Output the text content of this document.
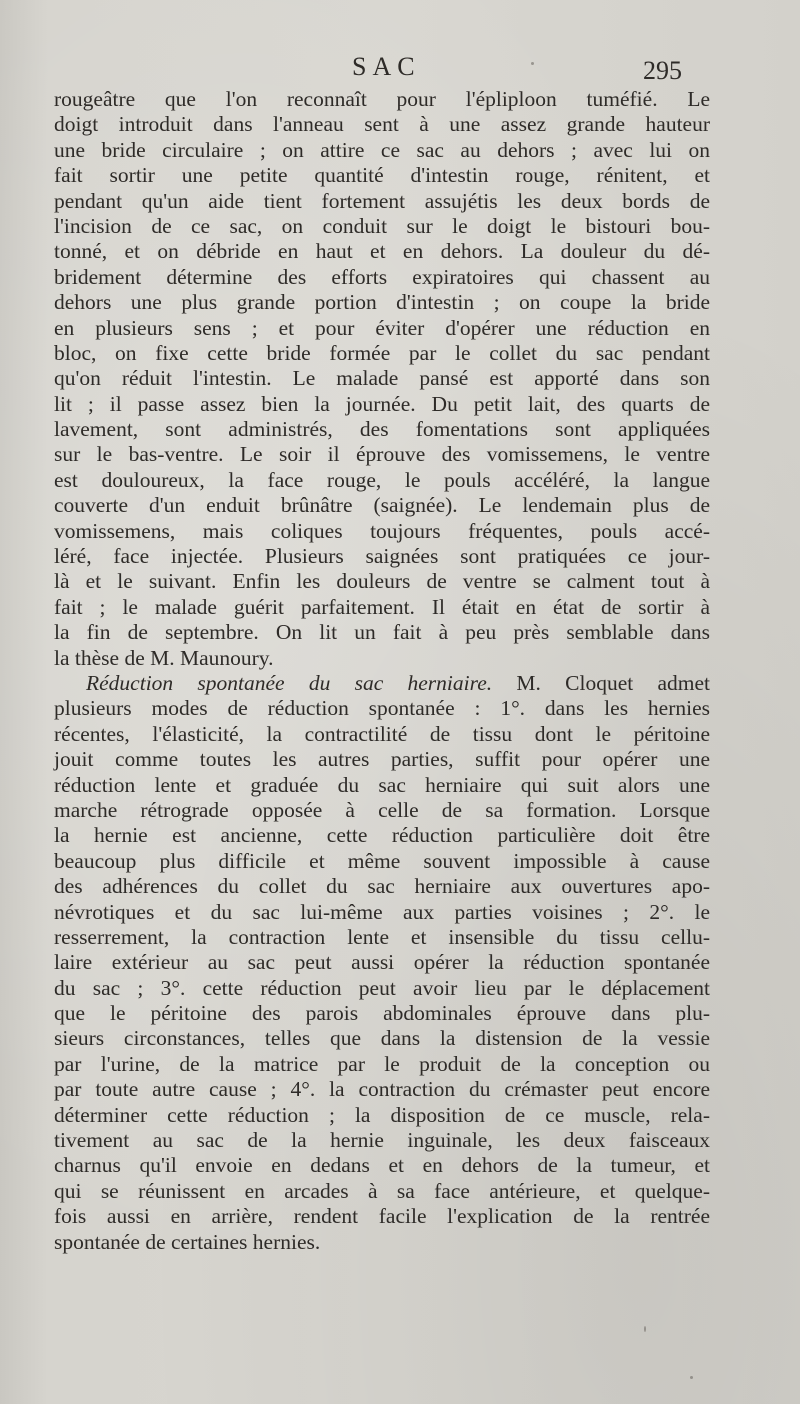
SAC	295
rougeâtre que l'on reconnaît pour l'épliploon tuméfié. Le
doigt introduit dans l'anneau sent à une assez grande hauteur
une bride circulaire ; on attire ce sac au dehors ; avec lui on
fait sortir une petite quantité d'intestin rouge, rénitent, et
pendant qu'un aide tient fortement assujétis les deux bords de
l'incision de ce sac, on conduit sur le doigt le bistouri bou-
tonné, et on débride en haut et en dehors. La douleur du dé-
bridement détermine des efforts expiratoires qui chassent au
dehors une plus grande portion d'intestin ; on coupe la bride
en plusieurs sens ; et pour éviter d'opérer une réduction en
bloc, on fixe cette bride formée par le collet du sac pendant
qu'on réduit l'intestin. Le malade pansé est apporté dans son
lit ; il passe assez bien la journée. Du petit lait, des quarts de
lavement, sont administrés, des fomentations sont appliquées
sur le bas-ventre. Le soir il éprouve des vomissemens, le ventre
est douloureux, la face rouge, le pouls accéléré, la langue
couverte d'un enduit brûnâtre (saignée). Le lendemain plus de
vomissemens, mais coliques toujours fréquentes, pouls accé-
léré, face injectée. Plusieurs saignées sont pratiquées ce jour-
là et le suivant. Enfin les douleurs de ventre se calment tout à
fait ; le malade guérit parfaitement. Il était en état de sortir à
la fin de septembre. On lit un fait à peu près semblable dans
la thèse de M. Maunoury.
Réduction spontanée du sac herniaire. M. Cloquet admet
plusieurs modes de réduction spontanée : 1°. dans les hernies
récentes, l'élasticité, la contractilité de tissu dont le péritoine
jouit comme toutes les autres parties, suffit pour opérer une
réduction lente et graduée du sac herniaire qui suit alors une
marche rétrograde opposée à celle de sa formation. Lorsque
la hernie est ancienne, cette réduction particulière doit être
beaucoup plus difficile et même souvent impossible à cause
des adhérences du collet du sac herniaire aux ouvertures apo-
névrotiques et du sac lui-même aux parties voisines ; 2°. le
resserrement, la contraction lente et insensible du tissu cellu-
laire extérieur au sac peut aussi opérer la réduction spontanée
du sac ; 3°. cette réduction peut avoir lieu par le déplacement
que le péritoine des parois abdominales éprouve dans plu-
sieurs circonstances, telles que dans la distension de la vessie
par l'urine, de la matrice par le produit de la conception ou
par toute autre cause ; 4°. la contraction du crémaster peut encore
déterminer cette réduction ; la disposition de ce muscle, rela-
tivement au sac de la hernie inguinale, les deux faisceaux
charnus qu'il envoie en dedans et en dehors de la tumeur, et
qui se réunissent en arcades à sa face antérieure, et quelque-
fois aussi en arrière, rendent facile l'explication de la rentrée
spontanée de certaines hernies.
